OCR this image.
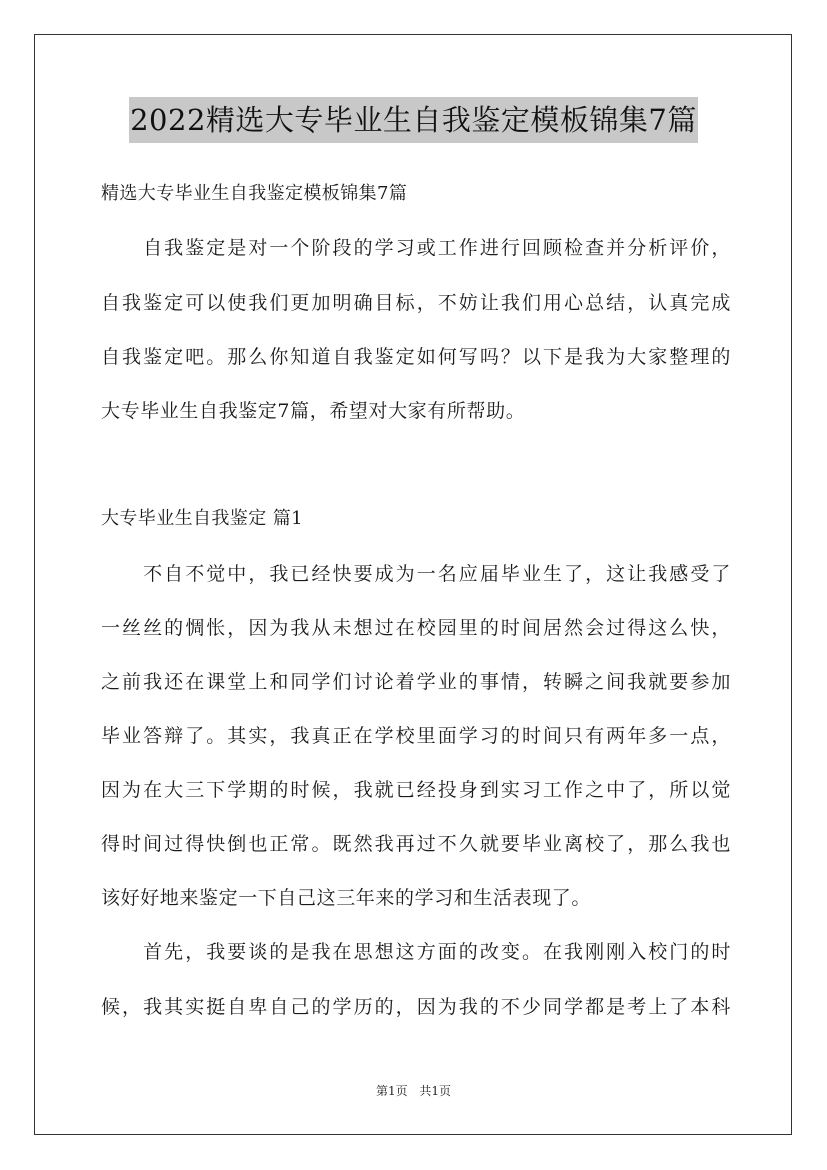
2022精选大专毕业生自我鉴定模板锦集7篇
精选大专毕业生自我鉴定模板锦集7篇
　　自我鉴定是对一个阶段的学习或工作进行回顾检查并分析评价，
自我鉴定可以使我们更加明确目标，不妨让我们用心总结，认真完成
自我鉴定吧。那么你知道自我鉴定如何写吗？以下是我为大家整理的
大专毕业生自我鉴定7篇，希望对大家有所帮助。
大专毕业生自我鉴定 篇1
　　不自不觉中，我已经快要成为一名应届毕业生了，这让我感受了
一丝丝的惆怅，因为我从未想过在校园里的时间居然会过得这么快，
之前我还在课堂上和同学们讨论着学业的事情，转瞬之间我就要参加
毕业答辩了。其实，我真正在学校里面学习的时间只有两年多一点，
因为在大三下学期的时候，我就已经投身到实习工作之中了，所以觉
得时间过得快倒也正常。既然我再过不久就要毕业离校了，那么我也
该好好地来鉴定一下自己这三年来的学习和生活表现了。
　　首先，我要谈的是我在思想这方面的改变。在我刚刚入校门的时
候，我其实挺自卑自己的学历的，因为我的不少同学都是考上了本科
第1页 共1页
